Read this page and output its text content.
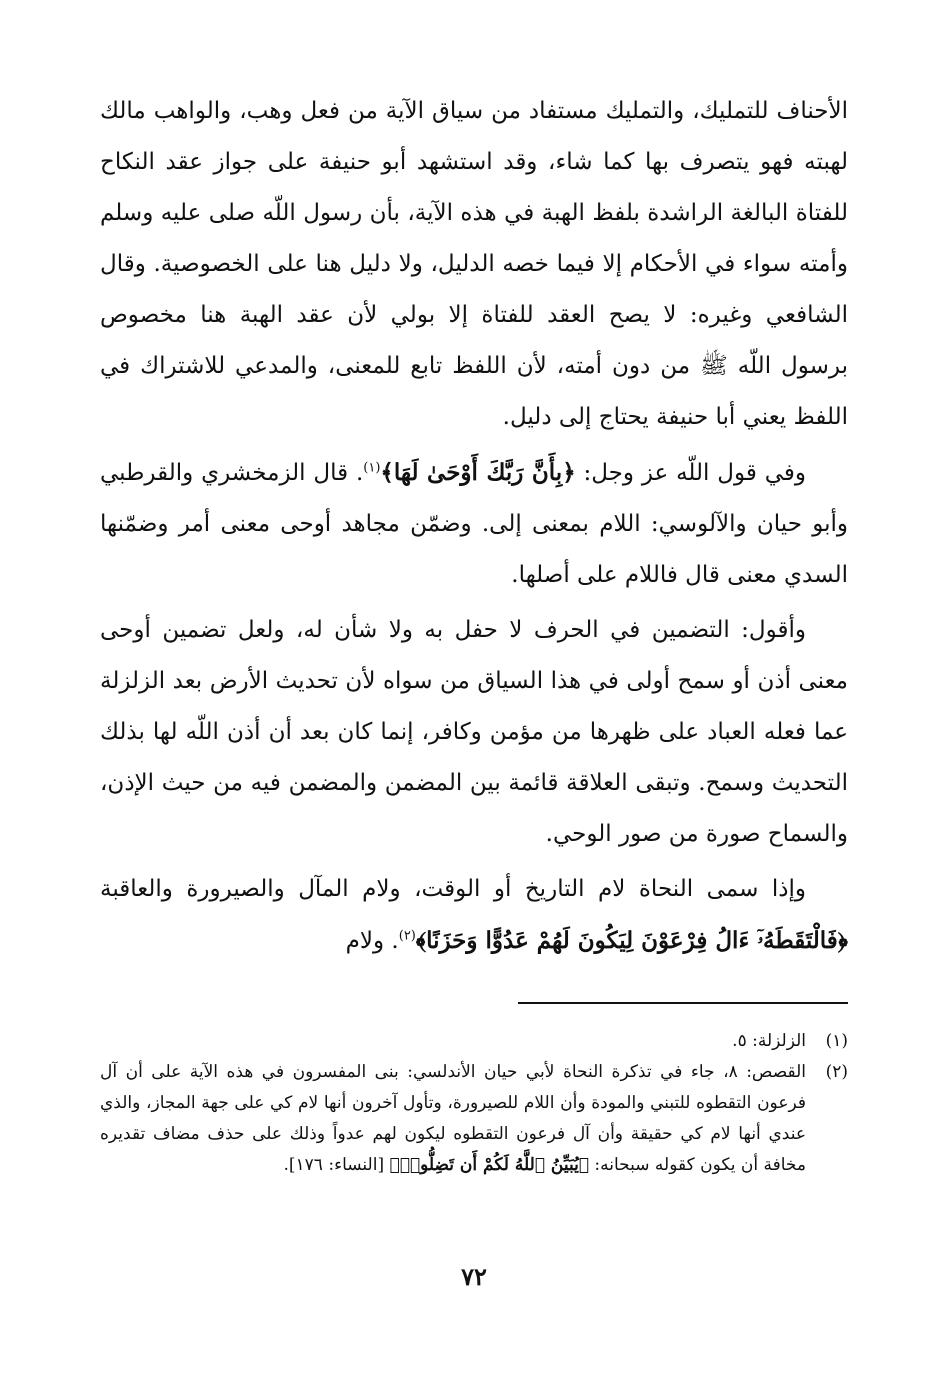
الأحناف للتمليك، والتمليك مستفاد من سياق الآية من فعل وهب، والواهب مالك لهبته فهو يتصرف بها كما شاء، وقد استشهد أبو حنيفة على جواز عقد النكاح للفتاة البالغة الراشدة بلفظ الهبة في هذه الآية، بأن رسول اللّه صلى عليه وسلم وأمته سواء في الأحكام إلا فيما خصه الدليل، ولا دليل هنا على الخصوصية. وقال الشافعي وغيره: لا يصح العقد للفتاة إلا بولي لأن عقد الهبة هنا مخصوص برسول اللّه ﷺ من دون أمته، لأن اللفظ تابع للمعنى، والمدعي للاشتراك في اللفظ يعني أبا حنيفة يحتاج إلى دليل.

وفي قول اللّه عز وجل: ﴿بِأَنَّ رَبَّكَ أَوْحَىٰ لَهَا﴾$^{(١)}$. قال الزمخشري والقرطبي وأبو حيان والآلوسي: اللام بمعنى إلى. وضمّن مجاهد أوحى معنى أمر وضمّنها السدي معنى قال فاللام على أصلها.

وأقول: التضمين في الحرف لا حفل به ولا شأن له، ولعل تضمين أوحى معنى أذن أو سمح أولى في هذا السياق من سواه لأن تحديث الأرض بعد الزلزلة عما فعله العباد على ظهرها من مؤمن وكافر، إنما كان بعد أن أذن اللّه لها بذلك التحديث وسمح. وتبقى العلاقة قائمة بين المضمن والمضمن فيه من حيث الإذن، والسماح صورة من صور الوحي.

وإذا سمى النحاة لام التاريخ أو الوقت، ولام المآل والصيرورة والعاقبة ﴿فَالْتَقَطَهُۥٓ ءَالُ فِرْعَوْنَ لِيَكُونَ لَهُمْ عَدُوًّا وَحَزَنًا﴾$^{(٢)}$. ولام

(١)
الزلزلة: ٥.
(٢)
القصص: ٨، جاء في تذكرة النحاة لأبي حيان الأندلسي: بنى المفسرون في هذه الآية على أن آل فرعون التقطوه للتبني والمودة وأن اللام للصيرورة، وتأول آخرون أنها لام كي على جهة المجاز، والذي عندي أنها لام كي حقيقة وأن آل فرعون التقطوه ليكون لهم عدواً وذلك على حذف مضاف تقديره مخافة أن يكون كقوله سبحانه: ﴿يُبَيِّنُ ٱللَّهُ لَكُمْ أَن تَضِلُّوا۟﴾ [النساء: ١٧٦].
٧٢
